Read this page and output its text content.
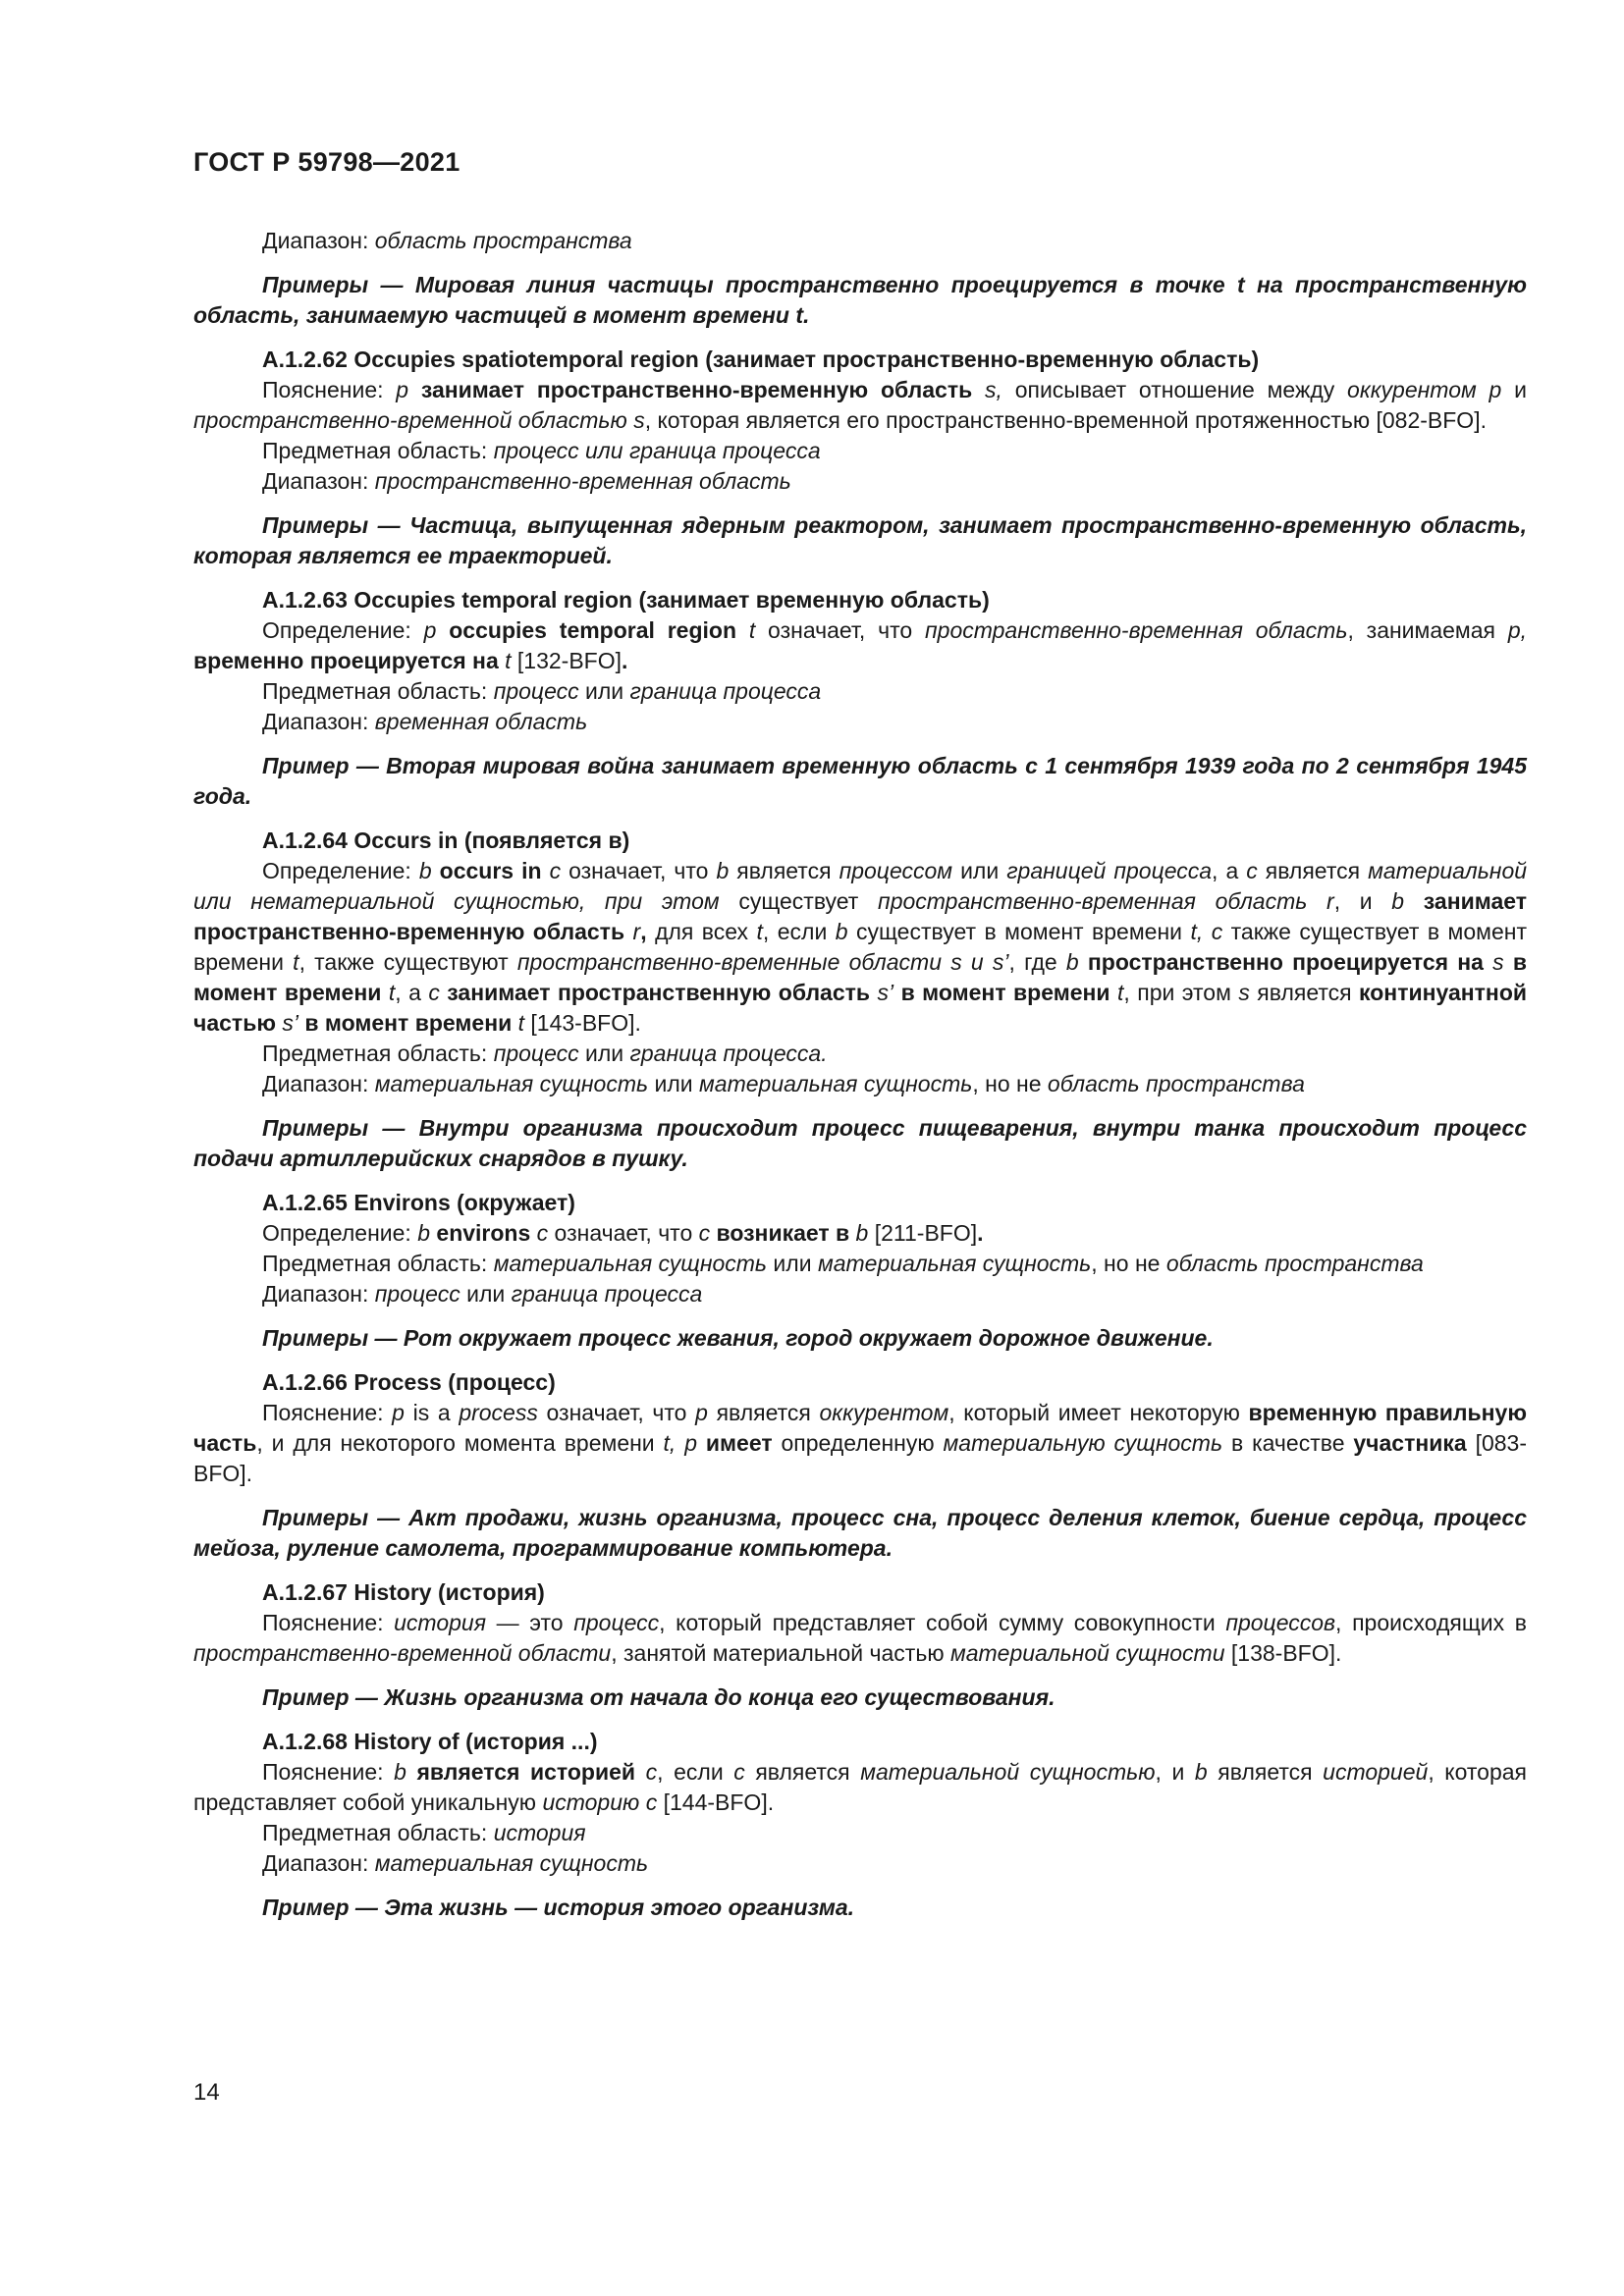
ГОСТ Р 59798—2021

Диапазон: область пространства

Примеры — Мировая линия частицы пространственно проецируется в точке t на пространственную область, занимаемую частицей в момент времени t.

А.1.2.62 Occupies spatiotemporal region (занимает пространственно-временную область)

Пояснение: p занимает пространственно-временную область s, описывает отношение между оккурентом p и пространственно-временной областью s, которая является его пространственно-временной протяженностью [082-BFO].

Предметная область: процесс или граница процесса

Диапазон: пространственно-временная область

Примеры — Частица, выпущенная ядерным реактором, занимает пространственно-временную область, которая является ее траекторией.

А.1.2.63 Occupies temporal region (занимает временную область)

Определение: p occupies temporal region t означает, что пространственно-временная область, занимаемая p, временно проецируется на t [132-BFO].

Предметная область: процесс или граница процесса

Диапазон: временная область

Пример — Вторая мировая война занимает временную область с 1 сентября 1939 года по 2 сентября 1945 года.

А.1.2.64 Occurs in (появляется в)

Определение: b occurs in c означает, что b является процессом или границей процесса, а c является материальной или нематериальной сущностью, при этом существует пространственно-временная область r, и b занимает пространственно-временную область r, для всех t, если b существует в момент времени t, c также существует в момент времени t, также существуют пространственно-временные области s и s’, где b пространственно проецируется на s в момент времени t, а c занимает пространственную область s’ в момент времени t, при этом s является континуантной частью s’ в момент времени t [143-BFO].

Предметная область: процесс или граница процесса.

Диапазон: материальная сущность или материальная сущность, но не область пространства

Примеры — Внутри организма происходит процесс пищеварения, внутри танка происходит процесс подачи артиллерийских снарядов в пушку.

А.1.2.65 Environs (окружает)

Определение: b environs c означает, что c возникает в b [211-BFO].

Предметная область: материальная сущность или материальная сущность, но не область пространства

Диапазон: процесс или граница процесса

Примеры — Рот окружает процесс жевания, город окружает дорожное движение.

А.1.2.66 Process (процесс)

Пояснение: p is a process означает, что p является оккурентом, который имеет некоторую временную правильную часть, и для некоторого момента времени t, p имеет определенную материальную сущность в качестве участника [083-BFO].

Примеры — Акт продажи, жизнь организма, процесс сна, процесс деления клеток, биение сердца, процесс мейоза, руление самолета, программирование компьютера.

А.1.2.67 History (история)

Пояснение: история — это процесс, который представляет собой сумму совокупности процессов, происходящих в пространственно-временной области, занятой материальной частью материальной сущности [138-BFO].

Пример — Жизнь организма от начала до конца его существования.

А.1.2.68 History of (история ...)

Пояснение: b является историей c, если c является материальной сущностью, и b является историей, которая представляет собой уникальную историю c [144-BFO].

Предметная область: история

Диапазон: материальная сущность

Пример — Эта жизнь — история этого организма.

14
